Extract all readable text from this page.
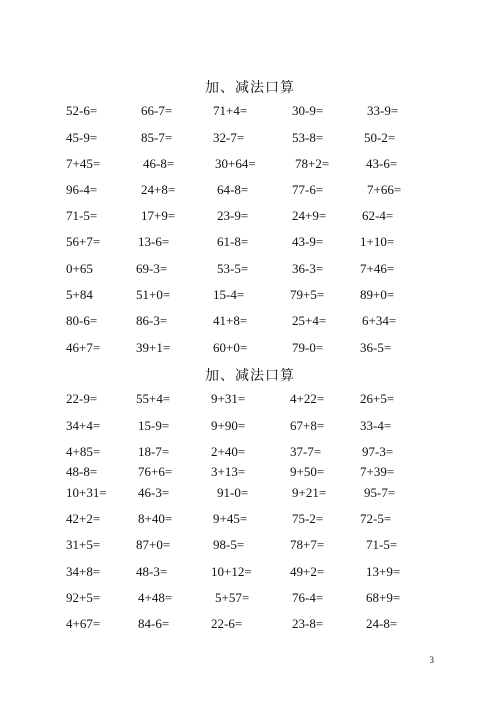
加、减法口算
52-6=	66-7=	71+4=	30-9=	33-9=
45-9=	85-7=	32-7=	53-8=	50-2=
7+45=	46-8=	30+64=	78+2=	43-6=
96-4=	24+8=	64-8=	77-6=	7+66=
71-5=	17+9=	23-9=	24+9=	62-4=
56+7=	13-6=	61-8=	43-9=	1+10=
0+65	69-3=	53-5=	36-3=	7+46=
5+84	51+0=	15-4=	79+5=	89+0=
80-6=	86-3=	41+8=	25+4=	6+34=
46+7=	39+1=	60+0=	79-0=	36-5=
加、减法口算
22-9=	55+4=	9+31=	4+22=	26+5=
34+4=	15-9=	9+90=	67+8=	33-4=
4+85=	18-7=	2+40=	37-7=	97-3=
48-8=	76+6=	3+13=	9+50=	7+39=
10+31= 46-3=	91-0=	9+21=	95-7=
42+2=	8+40=	9+45=	75-2=	72-5=
31+5=	87+0=	98-5=	78+7=	71-5=
34+8=	48-3=	10+12=	49+2=	13+9=
92+5=	4+48=	5+57=	76-4=	68+9=
4+67=	84-6=	22-6=	23-8=	24-8=
3
